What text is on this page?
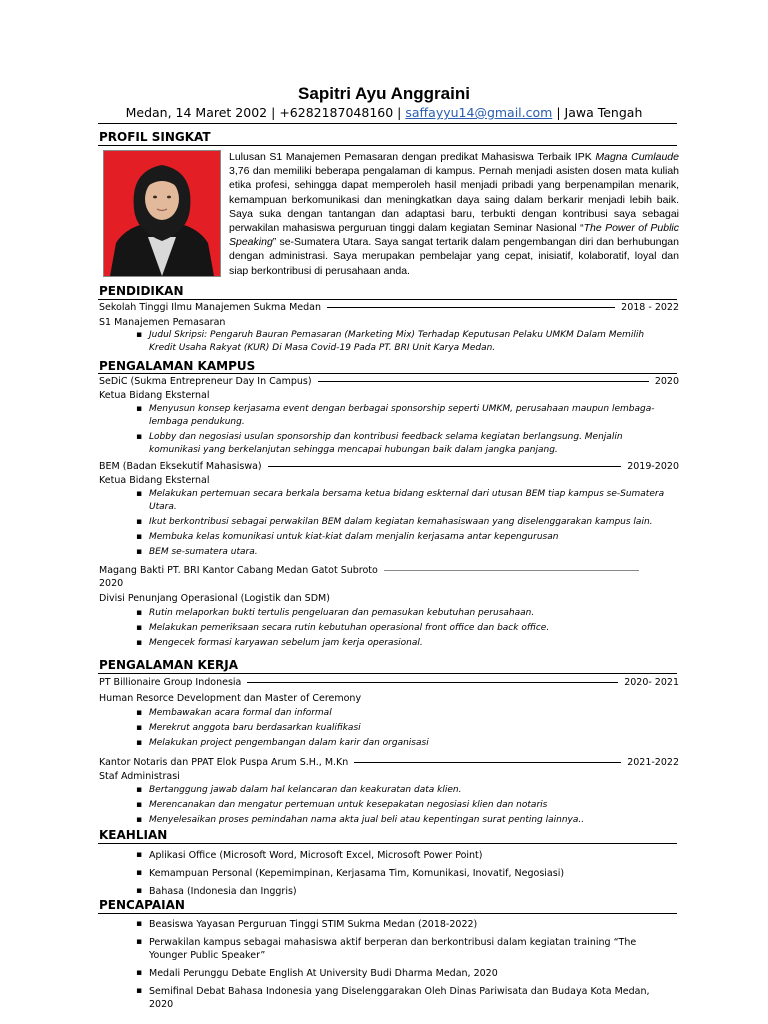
Sapitri Ayu Anggraini
Medan, 14 Maret 2002 | +6282187048160 | saffayyu14@gmail.com | Jawa Tengah
PROFIL SINGKAT
Lulusan S1 Manajemen Pemasaran dengan predikat Mahasiswa Terbaik IPK Magna Cumlaude 3,76 dan memiliki beberapa pengalaman di kampus. Pernah menjadi asisten dosen mata kuliah etika profesi, sehingga dapat memperoleh hasil menjadi pribadi yang berpenampilan menarik, kemampuan berkomunikasi dan meningkatkan daya saing dalam berkarir menjadi lebih baik. Saya suka dengan tantangan dan adaptasi baru, terbukti dengan kontribusi saya sebagai perwakilan mahasiswa perguruan tinggi dalam kegiatan Seminar Nasional “The Power of Public Speaking” se-Sumatera Utara. Saya sangat tertarik dalam pengembangan diri dan berhubungan dengan administrasi. Saya merupakan pembelajar yang cepat, inisiatif, kolaboratif, loyal dan siap berkontribusi di perusahaan anda.
PENDIDIKAN
Sekolah Tinggi Ilmu Manajemen Sukma Medan	2018 - 2022
S1 Manajemen Pemasaran
▪ Judul Skripsi: Pengaruh Bauran Pemasaran (Marketing Mix) Terhadap Keputusan Pelaku UMKM Dalam Memilih Kredit Usaha Rakyat (KUR) Di Masa Covid-19 Pada PT. BRI Unit Karya Medan.
PENGALAMAN KAMPUS
SeDiC (Sukma Entrepreneur Day In Campus)	2020
Ketua Bidang Eksternal
▪ Menyusun konsep kerjasama event dengan berbagai sponsorship seperti UMKM, perusahaan maupun lembaga-lembaga pendukung.
▪ Lobby dan negosiasi usulan sponsorship dan kontribusi feedback selama kegiatan berlangsung. Menjalin komunikasi yang berkelanjutan sehingga mencapai hubungan baik dalam jangka panjang.
BEM (Badan Eksekutif Mahasiswa)	2019-2020
Ketua Bidang Eksternal
▪ Melakukan pertemuan secara berkala bersama ketua bidang eskternal dari utusan BEM tiap kampus se-Sumatera Utara.
▪ Ikut berkontribusi sebagai perwakilan BEM dalam kegiatan kemahasiswaan yang diselenggarakan kampus lain.
▪ Membuka kelas komunikasi untuk kiat-kiat dalam menjalin kerjasama antar kepengurusan
▪ BEM se-sumatera utara.
Magang Bakti PT. BRI Kantor Cabang Medan Gatot Subroto
2020
Divisi Penunjang Operasional (Logistik dan SDM)
▪ Rutin melaporkan bukti tertulis pengeluaran dan pemasukan kebutuhan perusahaan.
▪ Melakukan pemeriksaan secara rutin kebutuhan operasional front office dan back office.
▪ Mengecek formasi karyawan sebelum jam kerja operasional.
PENGALAMAN KERJA
PT Billionaire Group Indonesia	2020- 2021
Human Resorce Development dan Master of Ceremony
▪ Membawakan acara formal dan informal
▪ Merekrut anggota baru berdasarkan kualifikasi
▪ Melakukan project pengembangan dalam karir dan organisasi
Kantor Notaris dan PPAT Elok Puspa Arum S.H., M.Kn	2021-2022
Staf Administrasi
▪ Bertanggung jawab dalam hal kelancaran dan keakuratan data klien.
▪ Merencanakan dan mengatur pertemuan untuk kesepakatan negosiasi klien dan notaris
▪ Menyelesaikan proses pemindahan nama akta jual beli atau kepentingan surat penting lainnya..
KEAHLIAN
▪ Aplikasi Office (Microsoft Word, Microsoft Excel, Microsoft Power Point)
▪ Kemampuan Personal (Kepemimpinan, Kerjasama Tim, Komunikasi, Inovatif, Negosiasi)
▪ Bahasa (Indonesia dan Inggris)
PENCAPAIAN
▪ Beasiswa Yayasan Perguruan Tinggi STIM Sukma Medan (2018-2022)
▪ Perwakilan kampus sebagai mahasiswa aktif berperan dan berkontribusi dalam kegiatan training “The Younger Public Speaker”
▪ Medali Perunggu Debate English At University Budi Dharma Medan, 2020
▪ Semifinal Debat Bahasa Indonesia yang Diselenggarakan Oleh Dinas Pariwisata dan Budaya Kota Medan, 2020
